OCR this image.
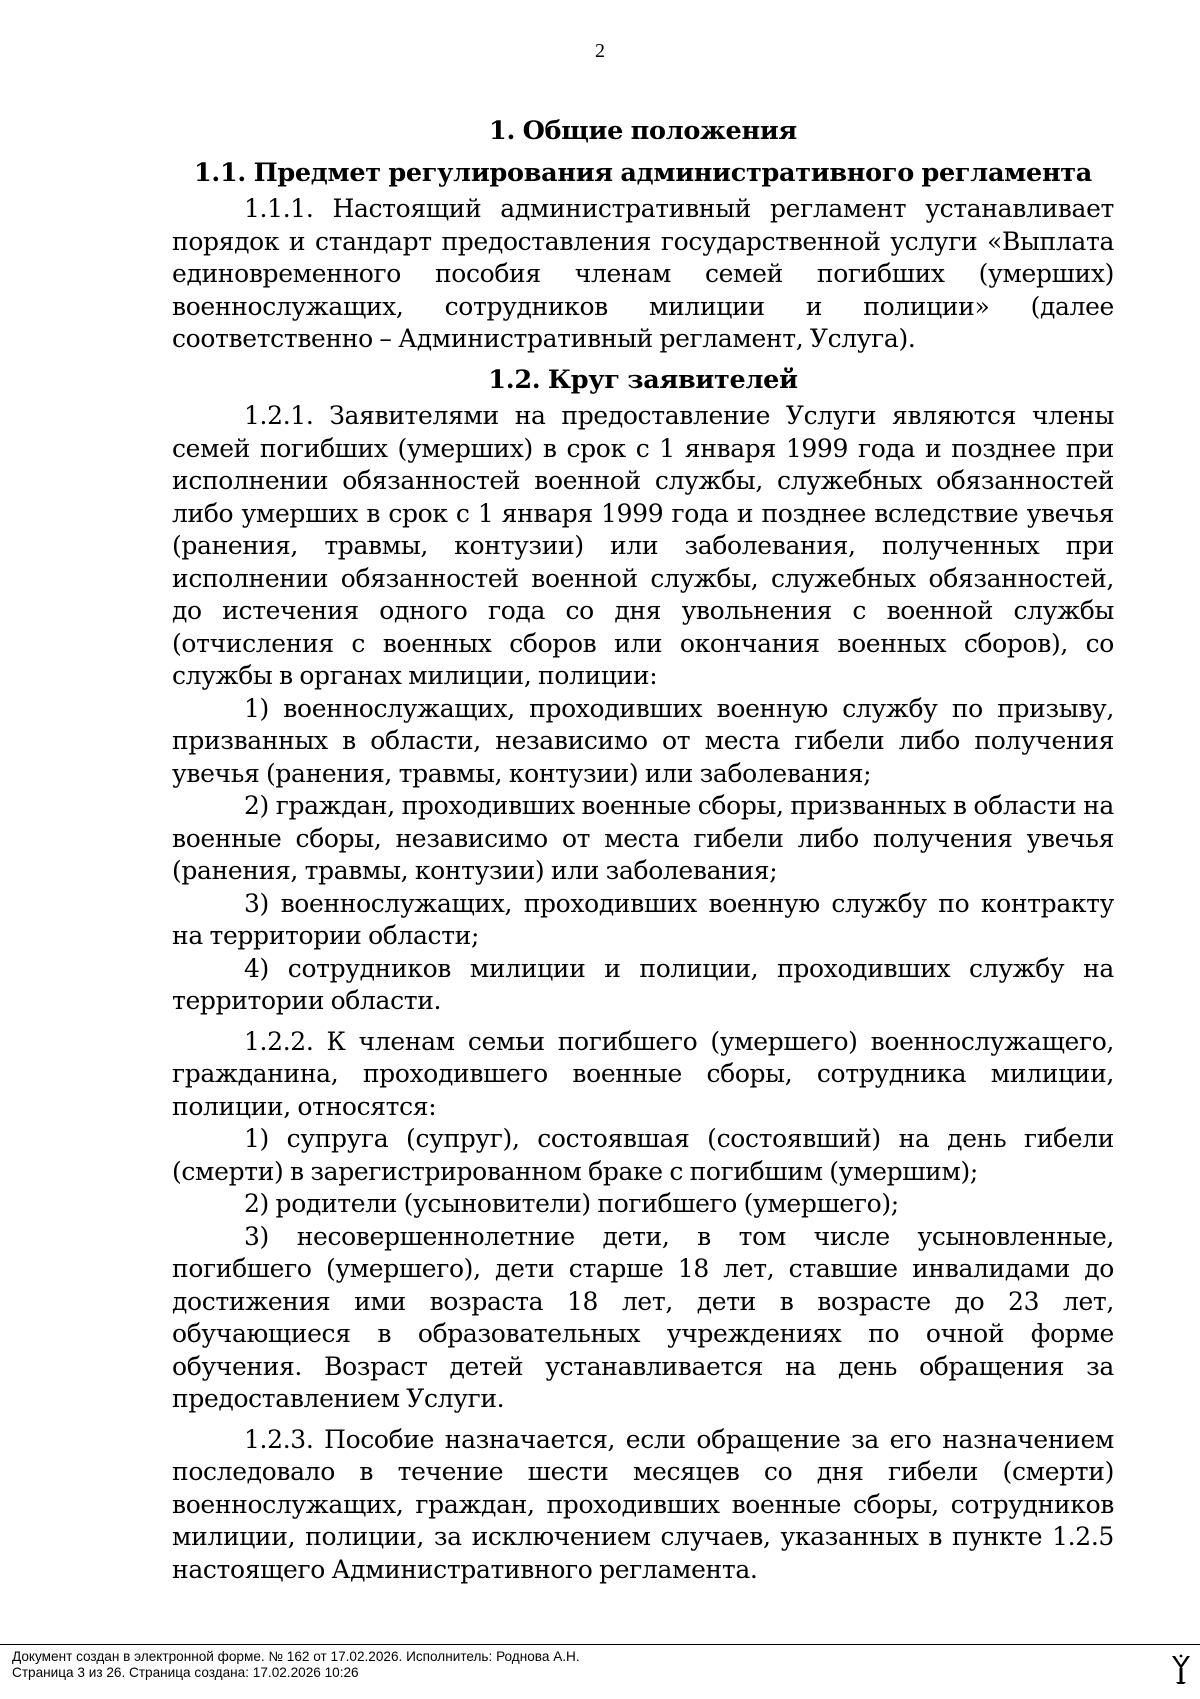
2
1. Общие положения
1.1. Предмет регулирования административного регламента

1.1.1. Настоящий административный регламент устанавливает порядок и стандарт предоставления государственной услуги «Выплата единовременного пособия членам семей погибших (умерших) военнослужащих, сотрудников милиции и полиции» (далее соответственно – Административный регламент, Услуга).

1.2. Круг заявителей

1.2.1. Заявителями на предоставление Услуги являются члены семей погибших (умерших) в срок с 1 января 1999 года и позднее при исполнении обязанностей военной службы, служебных обязанностей либо умерших в срок с 1 января 1999 года и позднее вследствие увечья (ранения, травмы, контузии) или заболевания, полученных при исполнении обязанностей военной службы, служебных обязанностей, до истечения одного года со дня увольнения с военной службы (отчисления с военных сборов или окончания военных сборов), со службы в органах милиции, полиции:

1) военнослужащих, проходивших военную службу по призыву, призванных в области, независимо от места гибели либо получения увечья (ранения, травмы, контузии) или заболевания;

2) граждан, проходивших военные сборы, призванных в области на военные сборы, независимо от места гибели либо получения увечья (ранения, травмы, контузии) или заболевания;

3) военнослужащих, проходивших военную службу по контракту на территории области;

4) сотрудников милиции и полиции, проходивших службу на территории области.

1.2.2. К членам семьи погибшего (умершего) военнослужащего, гражданина, проходившего военные сборы, сотрудника милиции, полиции, относятся:

1) супруга (супруг), состоявшая (состоявший) на день гибели (смерти) в зарегистрированном браке с погибшим (умершим);

2) родители (усыновители) погибшего (умершего);

3) несовершеннолетние дети, в том числе усыновленные, погибшего (умершего), дети старше 18 лет, ставшие инвалидами до достижения ими возраста 18 лет, дети в возрасте до 23 лет, обучающиеся в образовательных учреждениях по очной форме обучения. Возраст детей устанавливается на день обращения за предоставлением Услуги.

1.2.3. Пособие назначается, если обращение за его назначением последовало в течение шести месяцев со дня гибели (смерти) военнослужащих, граждан, проходивших военные сборы, сотрудников милиции, полиции, за исключением случаев, указанных в пункте 1.2.5 настоящего Административного регламента.

Документ создан в электронной форме. № 162 от 17.02.2026. Исполнитель: Роднова А.Н.
Страница 3 из 26. Страница создана: 17.02.2026 10:26
